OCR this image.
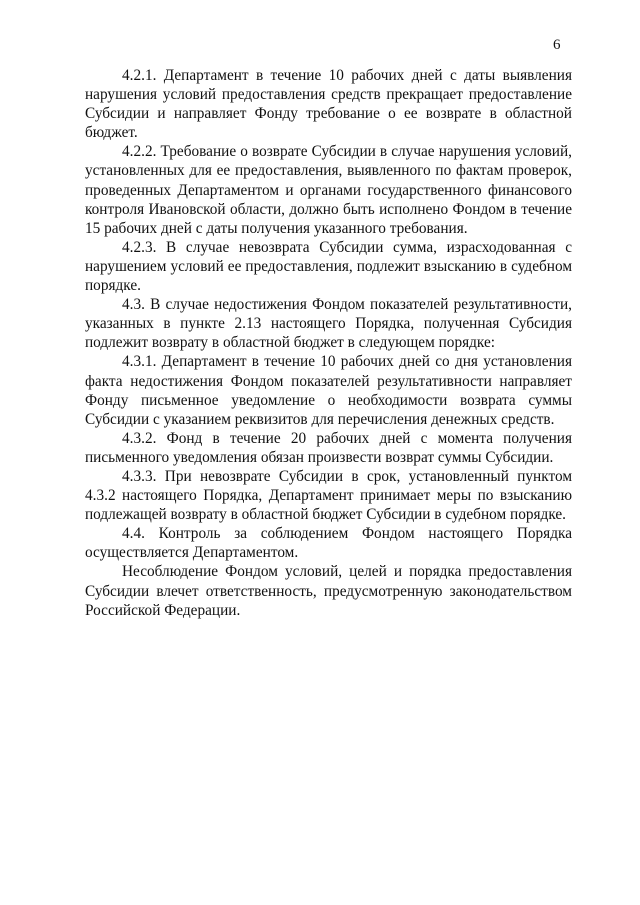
6

4.2.1. Департамент в течение 10 рабочих дней с даты выявления нарушения условий предоставления средств прекращает предоставление Субсидии и направляет Фонду требование о ее возврате в областной бюджет.

4.2.2. Требование о возврате Субсидии в случае нарушения условий, установленных для ее предоставления, выявленного по фактам проверок, проведенных Департаментом и органами государственного финансового контроля Ивановской области, должно быть исполнено Фондом в течение 15 рабочих дней с даты получения указанного требования.

4.2.3. В случае невозврата Субсидии сумма, израсходованная с нарушением условий ее предоставления, подлежит взысканию в судебном порядке.

4.3. В случае недостижения Фондом показателей результативности, указанных в пункте 2.13 настоящего Порядка, полученная Субсидия подлежит возврату в областной бюджет в следующем порядке:

4.3.1. Департамент в течение 10 рабочих дней со дня установления факта недостижения Фондом показателей результативности направляет Фонду письменное уведомление о необходимости возврата суммы Субсидии с указанием реквизитов для перечисления денежных средств.

4.3.2. Фонд в течение 20 рабочих дней с момента получения письменного уведомления обязан произвести возврат суммы Субсидии.

4.3.3. При невозврате Субсидии в срок, установленный пунктом 4.3.2 настоящего Порядка, Департамент принимает меры по взысканию подлежащей возврату в областной бюджет Субсидии в судебном порядке.

4.4. Контроль за соблюдением Фондом настоящего Порядка осуществляется Департаментом.

Несоблюдение Фондом условий, целей и порядка предоставления Субсидии влечет ответственность, предусмотренную законодательством Российской Федерации.
